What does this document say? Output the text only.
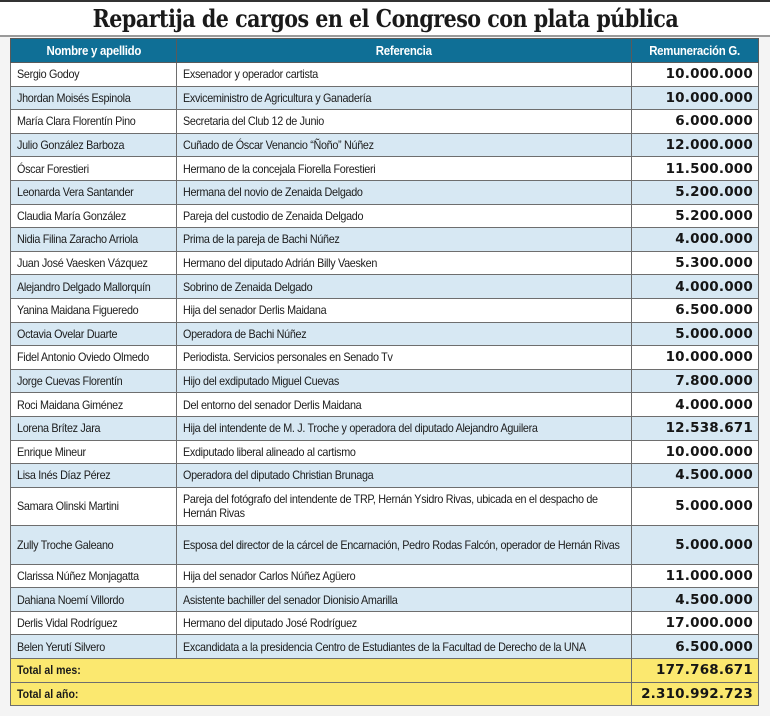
Repartija de cargos en el Congreso con plata pública
Nombre y apellido	Referencia	Remuneración G.
Sergio Godoy	Exsenador y operador cartista	10.000.000
Jhordan Moisés Espinola	Exviceministro de Agricultura y Ganadería	10.000.000
María Clara Florentín Pino	Secretaria del Club 12 de Junio	6.000.000
Julio González Barboza	Cuñado de Óscar Venancio “Ñoño” Núñez	12.000.000
Óscar Forestieri	Hermano de la concejala Fiorella Forestieri	11.500.000
Leonarda Vera Santander	Hermana del novio de Zenaida Delgado	5.200.000
Claudia María González	Pareja del custodio de Zenaida Delgado	5.200.000
Nidia Filina Zaracho Arriola	Prima de la pareja de Bachi Núñez	4.000.000
Juan José Vaesken Vázquez	Hermano del diputado Adrián Billy Vaesken	5.300.000
Alejandro Delgado Mallorquín	Sobrino de Zenaida Delgado	4.000.000
Yanina Maidana Figueredo	Hija del senador Derlis Maidana	6.500.000
Octavia Ovelar Duarte	Operadora de Bachi Núñez	5.000.000
Fidel Antonio Oviedo Olmedo	Periodista. Servicios personales en Senado Tv	10.000.000
Jorge Cuevas Florentín	Hijo del exdiputado Miguel Cuevas	7.800.000
Roci Maidana Giménez	Del entorno del senador Derlis Maidana	4.000.000
Lorena Brítez Jara	Hija del intendente de M. J. Troche y operadora del diputado Alejandro Aguilera	12.538.671
Enrique Mineur	Exdiputado liberal alineado al cartismo	10.000.000
Lisa Inés Díaz Pérez	Operadora del diputado Christian Brunaga	4.500.000
Samara Olinski Martini	Pareja del fotógrafo del intendente de TRP, Hernán Ysidro Rivas, ubicada en el despacho de Hernán Rivas	5.000.000
Zully Troche Galeano	Esposa del director de la cárcel de Encarnación, Pedro Rodas Falcón, operador de Hernán Rivas	5.000.000
Clarissa Núñez Monjagatta	Hija del senador Carlos Núñez Agüero	11.000.000
Dahiana Noemí Villordo	Asistente bachiller del senador Dionisio Amarilla	4.500.000
Derlis Vidal Rodríguez	Hermano del diputado José Rodríguez	17.000.000
Belen Yerutí Silvero	Excandidata a la presidencia Centro de Estudiantes de la Facultad de Derecho de la UNA	6.500.000
Total al mes:		177.768.671
Total al año:		2.310.992.723
